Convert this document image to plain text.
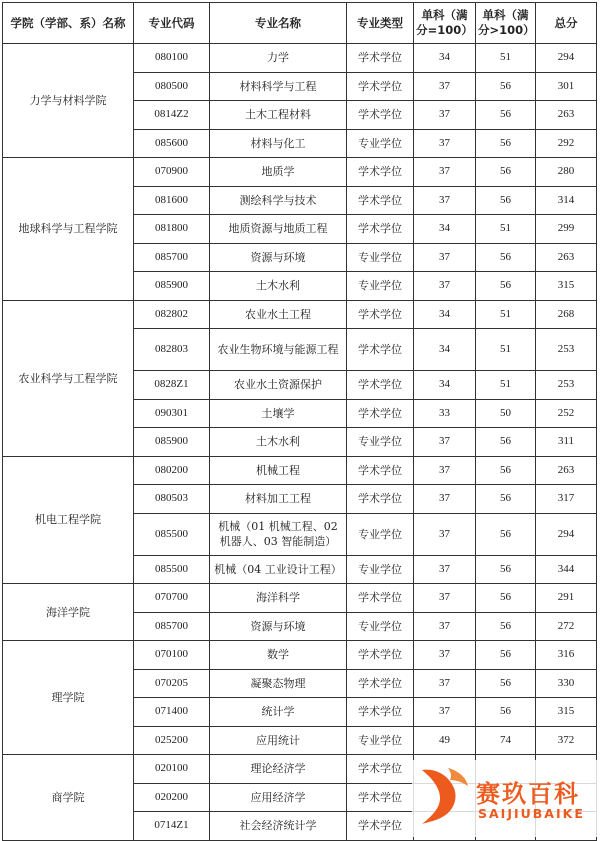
学院（学部、系）名称	专业代码	专业名称	专业类型	单科（满分=100）	单科（满分>100）	总分
力学与材料学院	080100	力学	学术学位	34	51	294
	080500	材料科学与工程	学术学位	37	56	301
	0814Z2	土木工程材料	学术学位	37	56	263
	085600	材料与化工	专业学位	37	56	292
地球科学与工程学院	070900	地质学	学术学位	37	56	280
	081600	测绘科学与技术	学术学位	37	56	314
	081800	地质资源与地质工程	学术学位	34	51	299
	085700	资源与环境	专业学位	37	56	263
	085900	土木水利	专业学位	37	56	315
农业科学与工程学院	082802	农业水土工程	学术学位	34	51	268
	082803	农业生物环境与能源工程	学术学位	34	51	253
	0828Z1	农业水土资源保护	学术学位	34	51	253
	090301	土壤学	学术学位	33	50	252
	085900	土木水利	专业学位	37	56	311
机电工程学院	080200	机械工程	学术学位	37	56	263
	080503	材料加工工程	学术学位	37	56	317
	085500	机械（01 机械工程、02 机器人、03 智能制造）	专业学位	37	56	294
	085500	机械（04 工业设计工程）	专业学位	37	56	344
海洋学院	070700	海洋科学	学术学位	37	56	291
	085700	资源与环境	专业学位	37	56	272
理学院	070100	数学	学术学位	37	56	316
	070205	凝聚态物理	学术学位	37	56	330
	071400	统计学	学术学位	37	56	315
	025200	应用统计	专业学位	49	74	372
商学院	020100	理论经济学	学术学位			
	020200	应用经济学	学术学位			
	0714Z1	社会经济统计学	学术学位			
赛玖百科
SAIJIUBAIKE
